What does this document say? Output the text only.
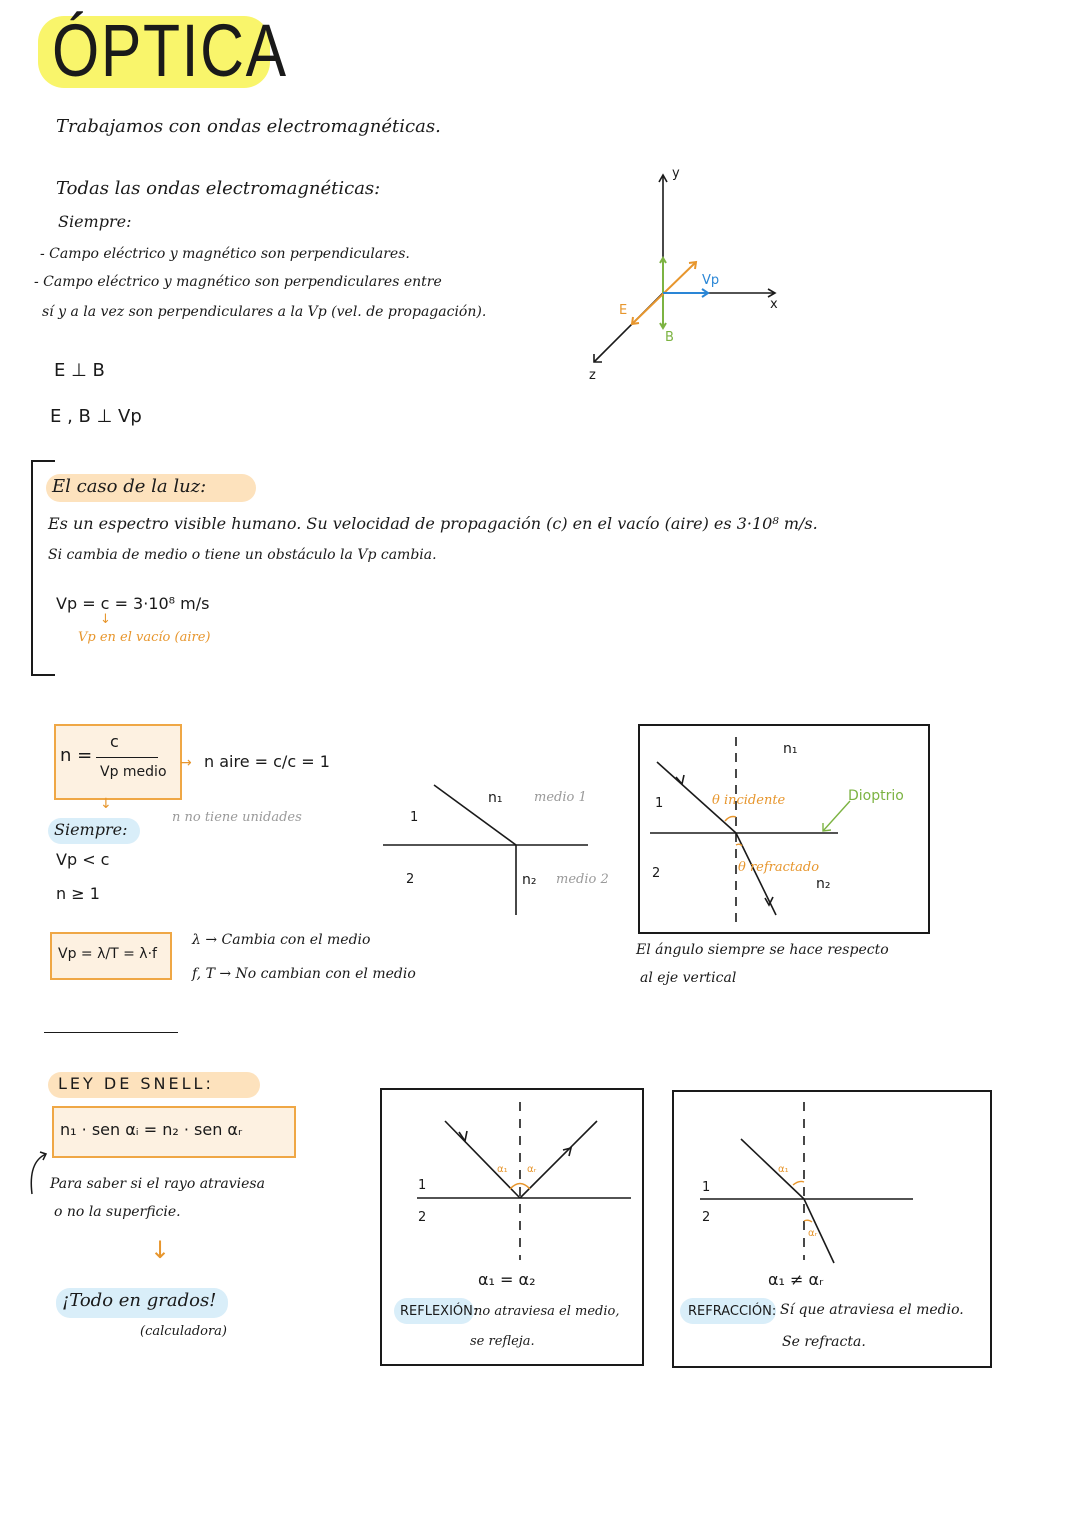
ÓPTICA
Trabajamos con ondas electromagnéticas.
Todas las ondas electromagnéticas:
Siempre:
- Campo eléctrico y magnético son perpendiculares.
- Campo eléctrico y magnético son perpendiculares entre
sí y a la vez son perpendiculares a la Vp (vel. de propagación).
E ⊥ B
E , B ⊥ Vp
y
x
z
E
B
Vp
El caso de la luz:
Es un espectro visible humano. Su velocidad de propagación (c) en el vacío (aire) es 3·10⁸ m/s.
Si cambia de medio o tiene un obstáculo la Vp cambia.
Vp = c = 3·10⁸ m/s
↓
Vp en el vacío (aire)
n =
c
Vp medio
→ n aire = c/c = 1
↓
n no tiene unidades
Siempre:
Vp < c
n ≥ 1
Vp = λ/T = λ·f
λ → Cambia con el medio
f, T → No cambian con el medio
1
2
n₁ medio 1
n₂ medio 2
n₁
1
2
θ incidente
θ refractado
Dioptrio
n₂
El ángulo siempre se hace respecto
al eje vertical
LEY DE SNELL:
n₁ · sen αᵢ = n₂ · sen αᵣ
Para saber si el rayo atraviesa
o no la superficie.
↓
¡Todo en grados!
(calculadora)
α₁ αᵣ
1
2
α₁ = α₂
REFLEXIÓN:
no atraviesa el medio,
se refleja.
α₁
αᵣ
1
2
α₁ ≠ αᵣ
REFRACCIÓN: Sí que atraviesa el medio.
Se refracta.
